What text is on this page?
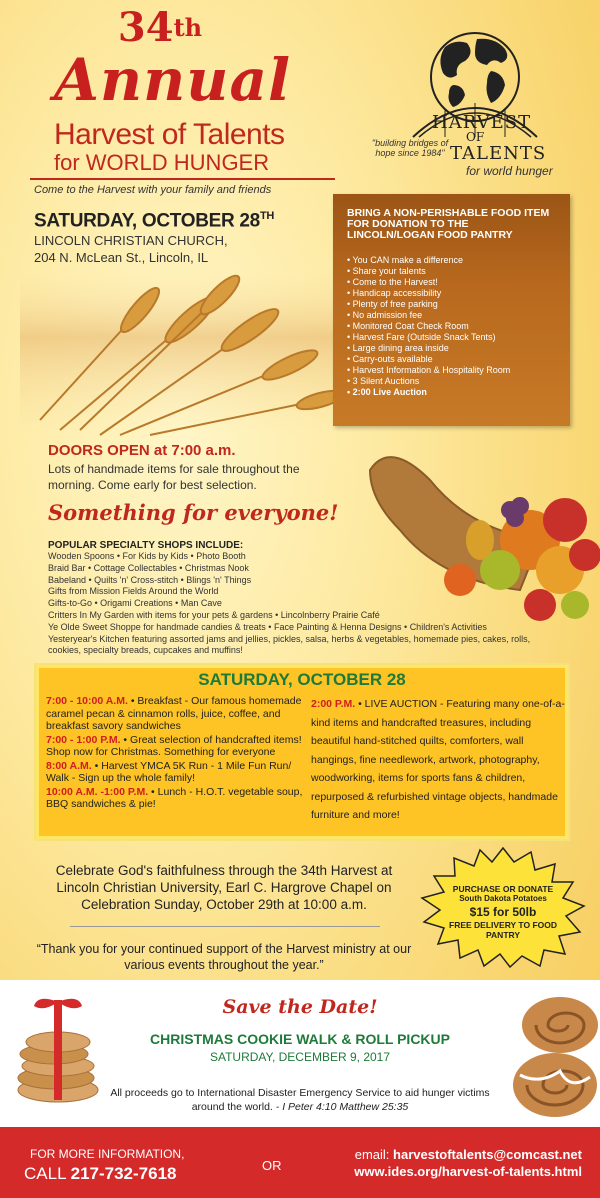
34th
Annual
Harvest of Talents
for WORLD HUNGER
Come to the Harvest with your family and friends
HARVEST
OF
TALENTS
"building bridges of hope since 1984"
for world hunger
SATURDAY, OCTOBER 28TH
LINCOLN CHRISTIAN CHURCH,
204 N. McLean St., Lincoln, IL
BRING A NON-PERISHABLE FOOD ITEM FOR DONATION TO THE LINCOLN/LOGAN FOOD PANTRY
• You CAN make a difference
• Share your talents
• Come to the Harvest!
• Handicap accessibility
• Plenty of free parking
• No admission fee
• Monitored Coat Check Room
• Harvest Fare (Outside Snack Tents)
• Large dining area inside
• Carry-outs available
• Harvest Information & Hospitality Room
• 3 Silent Auctions
• 2:00 Live Auction
DOORS OPEN at 7:00 a.m.
Lots of handmade items for sale throughout the morning. Come early for best selection.
Something for everyone!
POPULAR SPECIALTY SHOPS INCLUDE:
Wooden Spoons • For Kids by Kids • Photo Booth
Braid Bar • Cottage Collectables • Christmas Nook
Babeland • Quilts 'n' Cross-stitch • Blings 'n' Things
Gifts from Mission Fields Around the World
Gifts-to-Go • Origami Creations • Man Cave
Critters In My Garden with items for your pets & gardens • Lincolnberry Prairie Café
Ye Olde Sweet Shoppe for handmade candies & treats • Face Painting & Henna Designs • Children's Activities
Yesteryear's Kitchen featuring assorted jams and jellies, pickles, salsa, herbs & vegetables, homemade pies, cakes, rolls,
cookies, specialty breads, cupcakes and muffins!
SATURDAY, OCTOBER 28

7:00 - 10:00 A.M. • Breakfast - Our famous homemade caramel pecan & cinnamon rolls, juice, coffee, and breakfast savory sandwiches

7:00 - 1:00 P.M. • Great selection of handcrafted items! Shop now for Christmas. Something for everyone

8:00 A.M. • Harvest YMCA 5K Run - 1 Mile Fun Run/ Walk - Sign up the whole family!

10:00 A.M. -1:00 P.M. • Lunch - H.O.T. vegetable soup, BBQ sandwiches & pie!

2:00 P.M. • LIVE AUCTION - Featuring many one-of-a-kind items and handcrafted treasures, including beautiful hand-stitched quilts, comforters, wall hangings, fine needlework, artwork, photography, woodworking, items for sports fans & children, repurposed & refurbished vintage objects, handmade furniture and more!
Celebrate God's faithfulness through the 34th Harvest at Lincoln Christian University, Earl C. Hargrove Chapel on Celebration Sunday, October 29th at 10:00 a.m.
“Thank you for your continued support of the Harvest ministry at our various events throughout the year.”
PURCHASE OR DONATE
South Dakota Potatoes
$15 for 50lb
FREE DELIVERY TO FOOD PANTRY
Save the Date!
CHRISTMAS COOKIE WALK & ROLL PICKUP
SATURDAY, DECEMBER 9, 2017
All proceeds go to International Disaster Emergency Service to aid hunger victims around the world. - I Peter 4:10 Matthew 25:35
FOR MORE INFORMATION,
CALL 217-732-7618	OR
email: harvestoftalents@comcast.net
www.ides.org/harvest-of-talents.html
